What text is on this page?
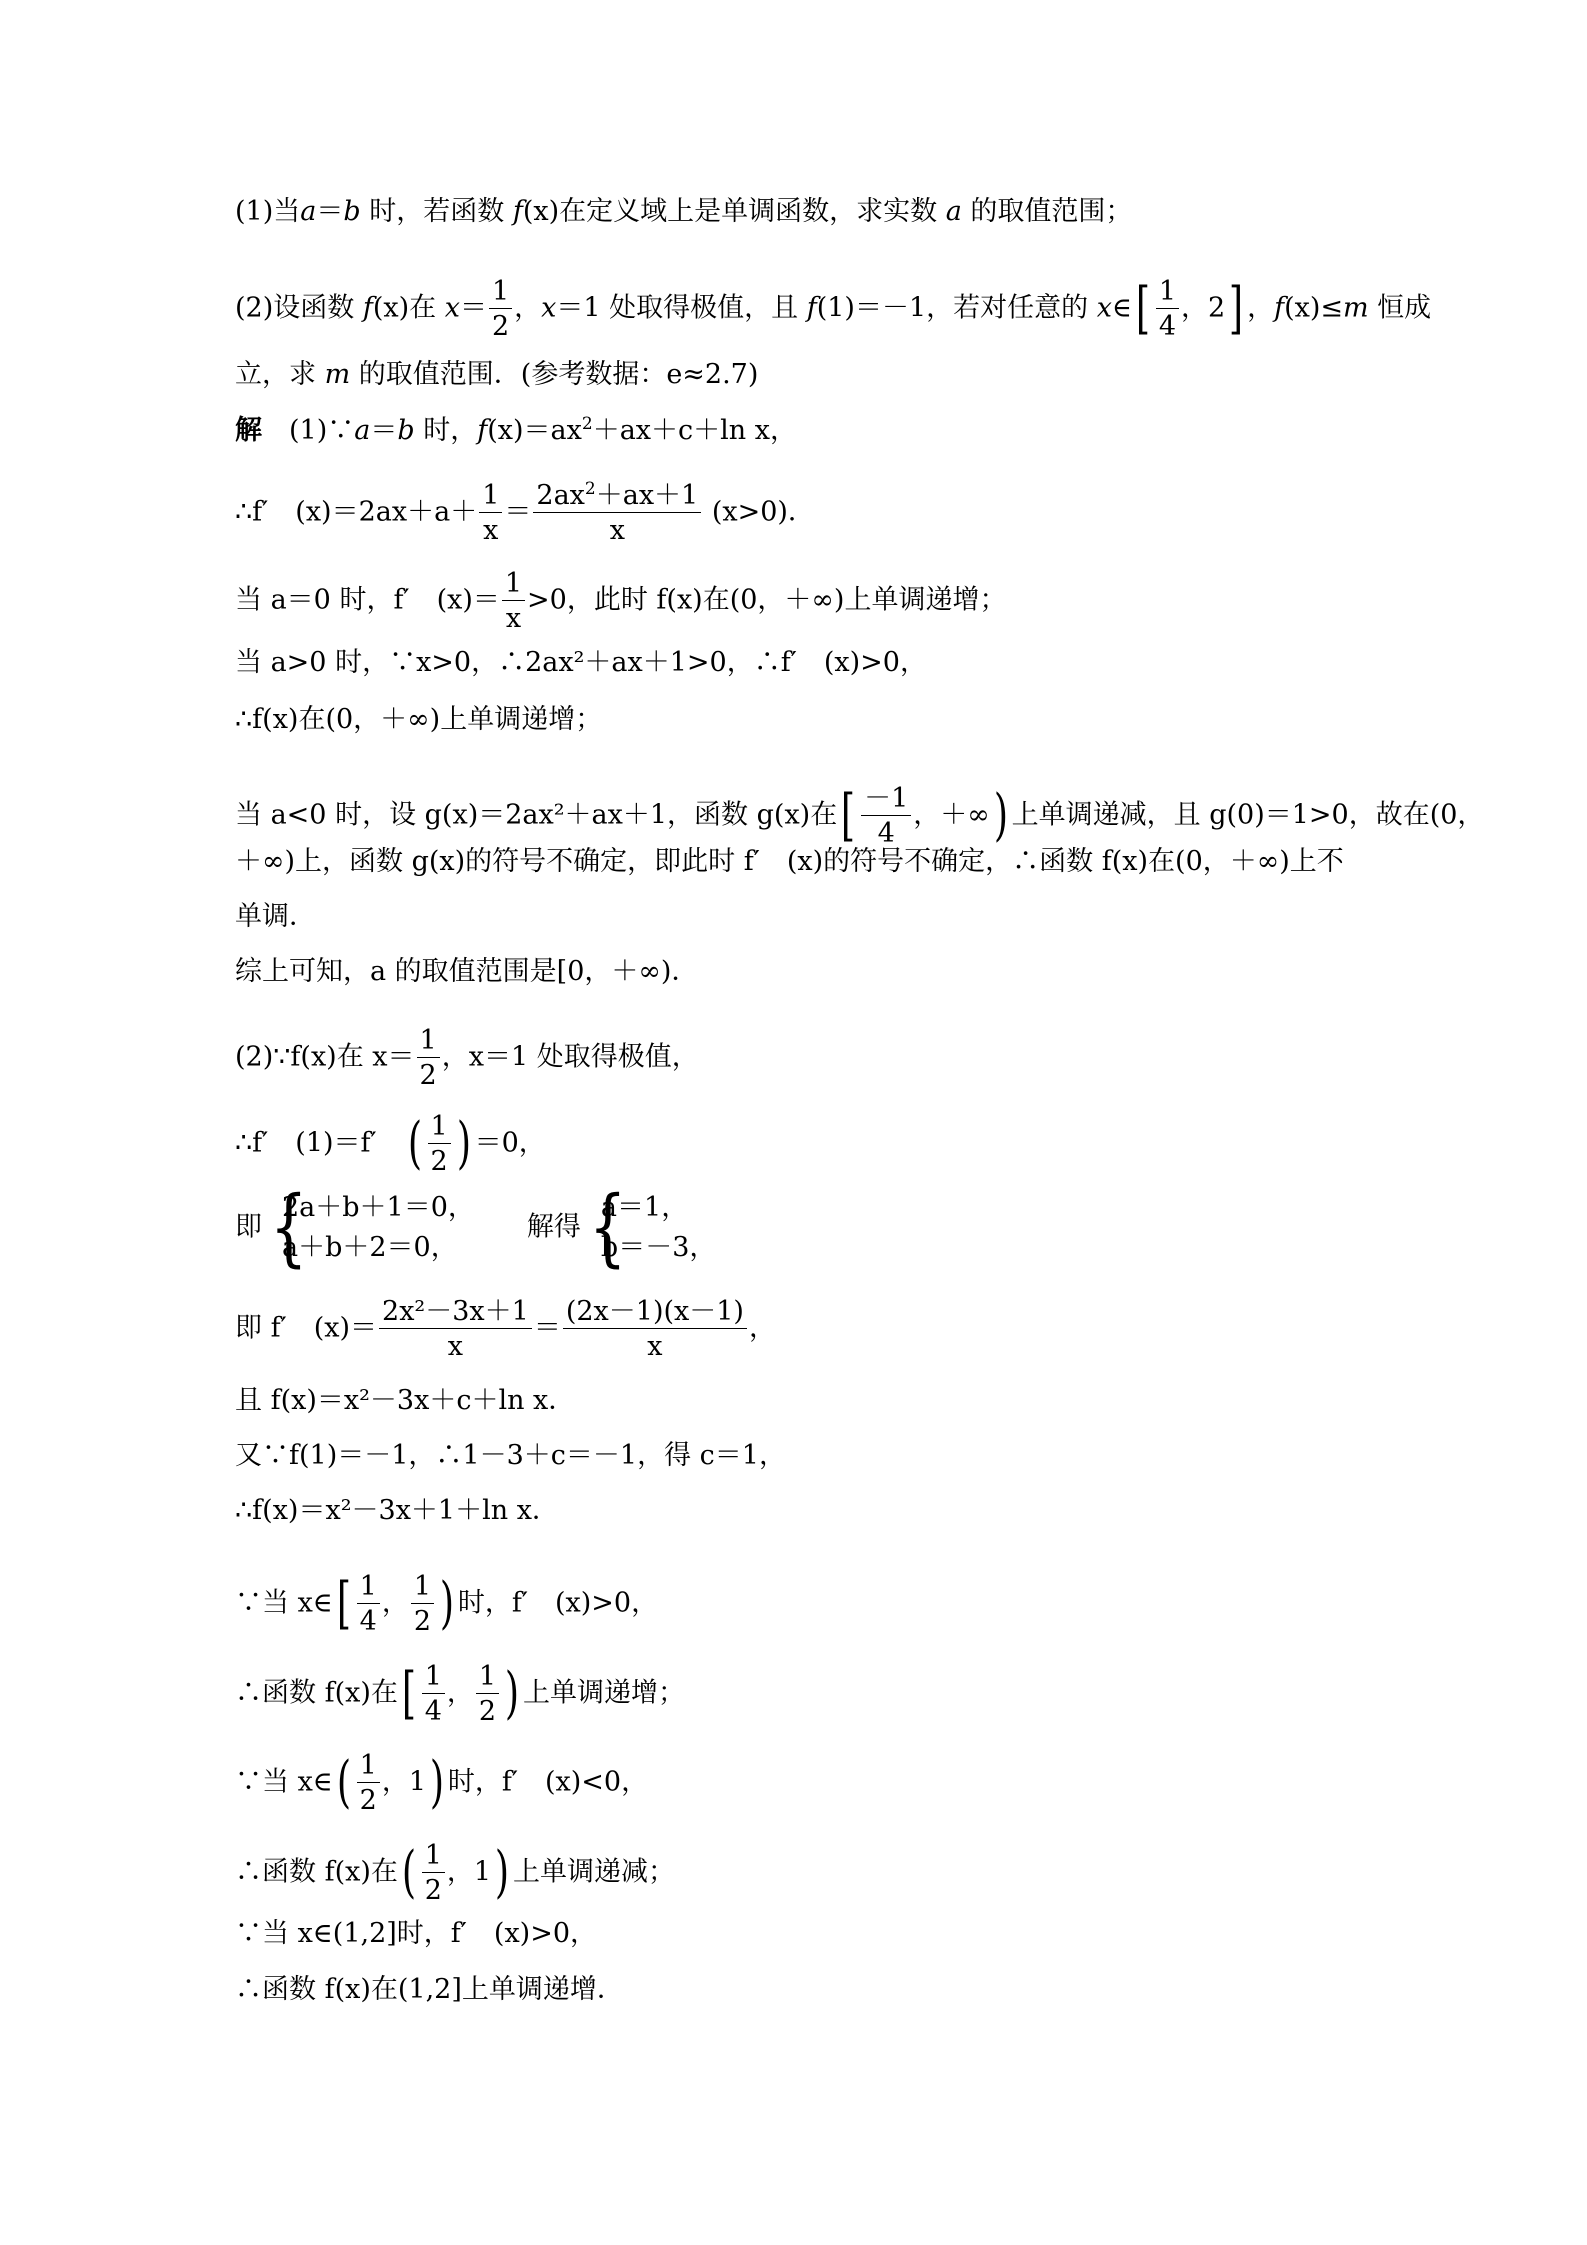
(1)当a＝b 时，若函数 f(x)在定义域上是单调函数，求实数 a 的取值范围；
(2)设函数 f(x)在 $x= \frac{1}{2}$ ，x＝1 处取得极值，且 f(1)＝－1，若对任意的 x∈[ $\frac{1}{4}$ ，2] ，f(x)≤m 恒成
立，求 m 的取值范围．(参考数据：e≈2.7)
解　(1)∵a＝b 时，$f(x)=ax^2+ax+c+\ln$ x，
∴f′　$(x)=2ax+a+ \frac{1}{x} = \frac{2ax^2+ax+1}{x} (x>0)$．
当 a＝0 时，f′　$(x)= \frac{1}{x} >0$，此时 f(x)在(0，＋∞)上单调递增；
当 a>0 时，∵x>0，∴2ax²＋ax＋1>0，∴f′　(x)>0，
∴f(x)在(0，＋∞)上单调递增；
当 a<0 时，设 g(x)＝2ax²＋ax＋1，函数 g(x)在[ $\frac{-1}{4}$ ，＋∞) 上单调递减，且 g(0)＝1>0，故在(0，
＋∞)上，函数 g(x)的符号不确定，即此时 f′　(x)的符号不确定，∴函数 f(x)在(0，＋∞)上不
单调．
综上可知，a 的取值范围是[0，＋∞)．
(2)∵f(x)在 $x= \frac{1}{2}$ ，x＝1 处取得极值，
∴f′　(1)＝f′　( $\frac{1}{2}$ ) ＝0，
即 {
2a＋b＋1＝0，
a＋b＋2＝0，
解得 {
a＝1，
b＝－3，
即 f′　$(x)= \frac{\text{2x²－3x＋1}}{x} = \frac{(2x-1)(x-1)}{x}$ ，
且 f(x)＝x²－3x＋c＋ln x．
又∵f(1)＝－1，∴1－3＋c＝－1，得 c＝1，
∴f(x)＝x²－3x＋1＋ln x．
∵当 x∈[ $\frac{1}{4}$ ， $\frac{1}{2}$ ) 时，f′　(x)>0，
∴函数 f(x)在[ $\frac{1}{4}$ ， $\frac{1}{2}$ ) 上单调递增；
∵当 x∈( $\frac{1}{2}$ ，1) 时，f′　(x)<0，
∴函数 f(x)在( $\frac{1}{2}$ ，1) 上单调递减；
∵当 x∈(1,2]时，f′　(x)>0，
∴函数 f(x)在(1,2]上单调递增．
